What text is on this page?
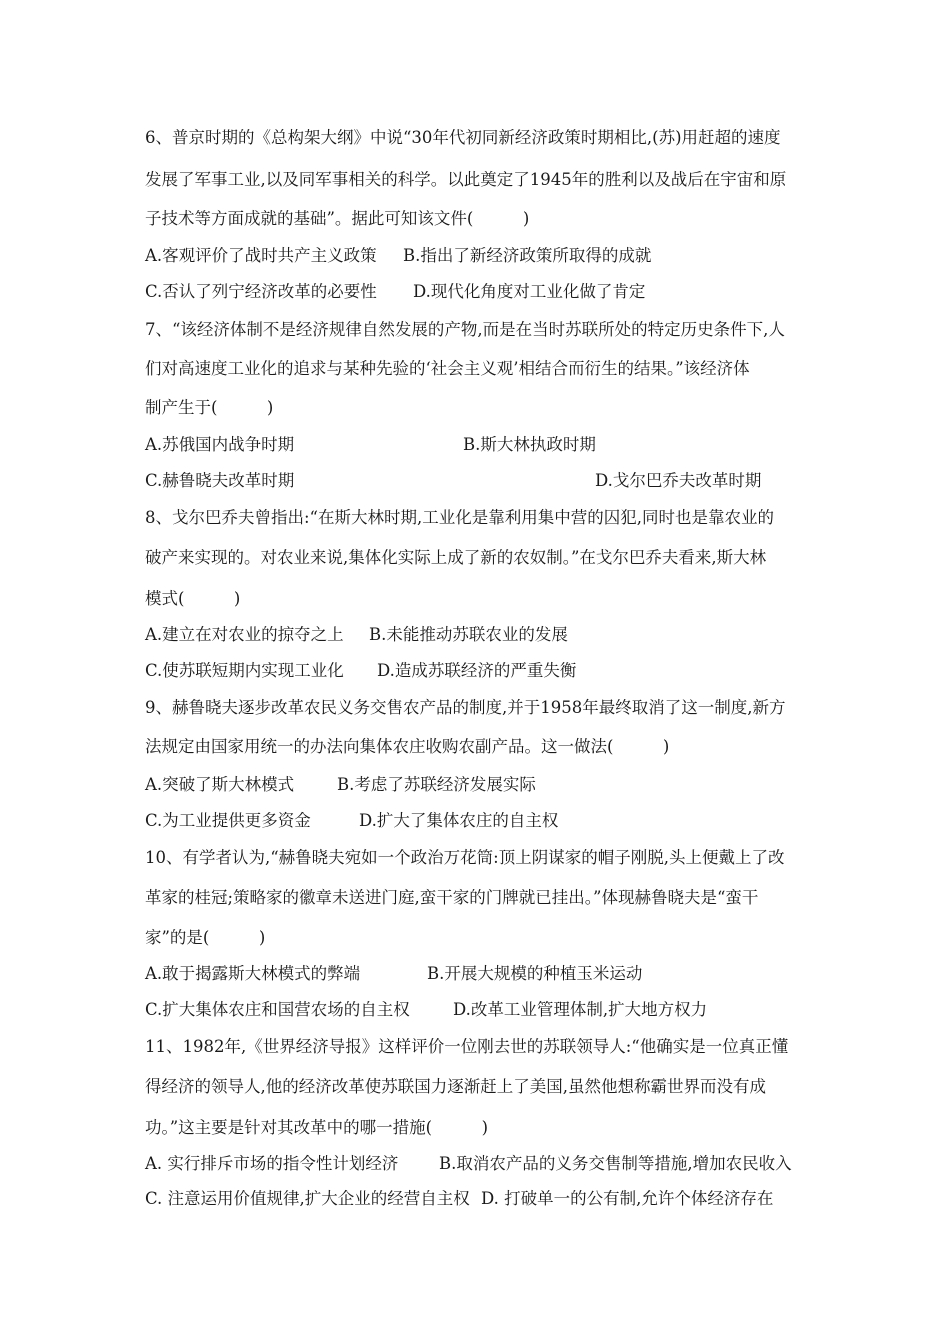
6、普京时期的《总构架大纲》中说“30年代初同新经济政策时期相比,(苏)用赶超的速度
发展了军事工业,以及同军事相关的科学。以此奠定了1945年的胜利以及战后在宇宙和原
子技术等方面成就的基础”。据此可知该文件(　　　)
A.客观评价了战时共产主义政策 B.指出了新经济政策所取得的成就
C.否认了列宁经济改革的必要性 D.现代化角度对工业化做了肯定
7、“该经济体制不是经济规律自然发展的产物,而是在当时苏联所处的特定历史条件下,人
们对高速度工业化的追求与某种先验的‘社会主义观’相结合而衍生的结果。”该经济体
制产生于(　　　)
A.苏俄国内战争时期	B.斯大林执政时期
C.赫鲁晓夫改革时期	D.戈尔巴乔夫改革时期
8、戈尔巴乔夫曾指出:“在斯大林时期,工业化是靠利用集中营的囚犯,同时也是靠农业的
破产来实现的。对农业来说,集体化实际上成了新的农奴制。”在戈尔巴乔夫看来,斯大林
模式(　　　)
A.建立在对农业的掠夺之上 B.未能推动苏联农业的发展
C.使苏联短期内实现工业化 D.造成苏联经济的严重失衡
9、赫鲁晓夫逐步改革农民义务交售农产品的制度,并于1958年最终取消了这一制度,新方
法规定由国家用统一的办法向集体农庄收购农副产品。这一做法(　　　)
A.突破了斯大林模式	B.考虑了苏联经济发展实际
C.为工业提供更多资金	D.扩大了集体农庄的自主权
10、有学者认为,“赫鲁晓夫宛如一个政治万花筒:顶上阴谋家的帽子刚脱,头上便戴上了改
革家的桂冠;策略家的徽章未送进门庭,蛮干家的门牌就已挂出。”体现赫鲁晓夫是“蛮干
家”的是(　　　)
A.敢于揭露斯大林模式的弊端	B.开展大规模的种植玉米运动
C.扩大集体农庄和国营农场的自主权	D.改革工业管理体制,扩大地方权力
11、1982年,《世界经济导报》这样评价一位刚去世的苏联领导人:“他确实是一位真正懂
得经济的领导人,他的经济改革使苏联国力逐渐赶上了美国,虽然他想称霸世界而没有成
功。”这主要是针对其改革中的哪一措施(　　　)
A. 实行排斥市场的指令性计划经济 B.取消农产品的义务交售制等措施,增加农民收入
C. 注意运用价值规律,扩大企业的经营自主权 D. 打破单一的公有制,允许个体经济存在
